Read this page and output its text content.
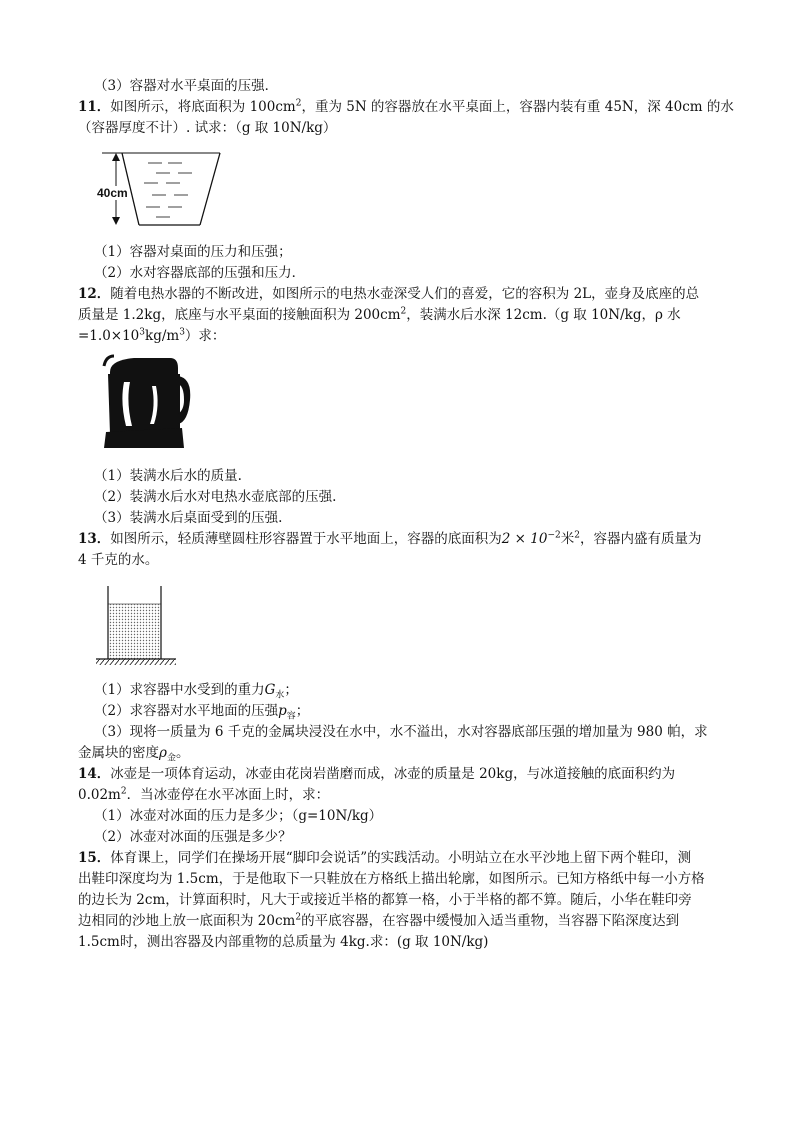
（3）容器对水平桌面的压强．
11．如图所示，将底面积为 $100cm^2$，重为 5N 的容器放在水平桌面上，容器内装有重 45N，深 40cm 的水
（容器厚度不计）. 试求：（g 取 10N/kg）
40cm
（1）容器对桌面的压力和压强；
（2）水对容器底部的压强和压力．
12．随着电热水器的不断改进，如图所示的电热水壶深受人们的喜爱，它的容积为 2L，壶身及底座的总
质量是 1.2kg，底座与水平桌面的接触面积为 $200cm^2$，装满水后水深 12cm.（g 取 10N/kg，ρ 水
$=1.0\times 10^3kg/m^3$）求：
（1）装满水后水的质量.
（2）装满水后水对电热水壶底部的压强.
（3）装满水后桌面受到的压强.
13．如图所示，轻质薄壁圆柱形容器置于水平地面上，容器的底面积为$2 \times 10^{-2}$米$^2$，容器内盛有质量为
4 千克的水。
（1）求容器中水受到的重力$G_水$；
（2）求容器对水平地面的压强$p_容$；
（3）现将一质量为 6 千克的金属块浸没在水中，水不溢出，水对容器底部压强的增加量为 980 帕，求
金属块的密度$\rho_金$。
14．冰壶是一项体育运动，冰壶由花岗岩凿磨而成，冰壶的质量是 20kg，与冰道接触的底面积约为
$0.02m^2$．当冰壶停在水平冰面上时，求：
（1）冰壶对冰面的压力是多少；（g=10N/kg）
（2）冰壶对冰面的压强是多少？
15．体育课上，同学们在操场开展“脚印会说话”的实践活动。小明站立在水平沙地上留下两个鞋印，测
出鞋印深度均为 1.5cm，于是他取下一只鞋放在方格纸上描出轮廓，如图所示。已知方格纸中每一小方格
的边长为 2cm，计算面积时，凡大于或接近半格的都算一格，小于半格的都不算。随后，小华在鞋印旁
边相同的沙地上放一底面积为 $20cm^2$的平底容器，在容器中缓慢加入适当重物，当容器下陷深度达到
1.5cm时，测出容器及内部重物的总质量为 4kg.求：(g 取 10N/kg)
